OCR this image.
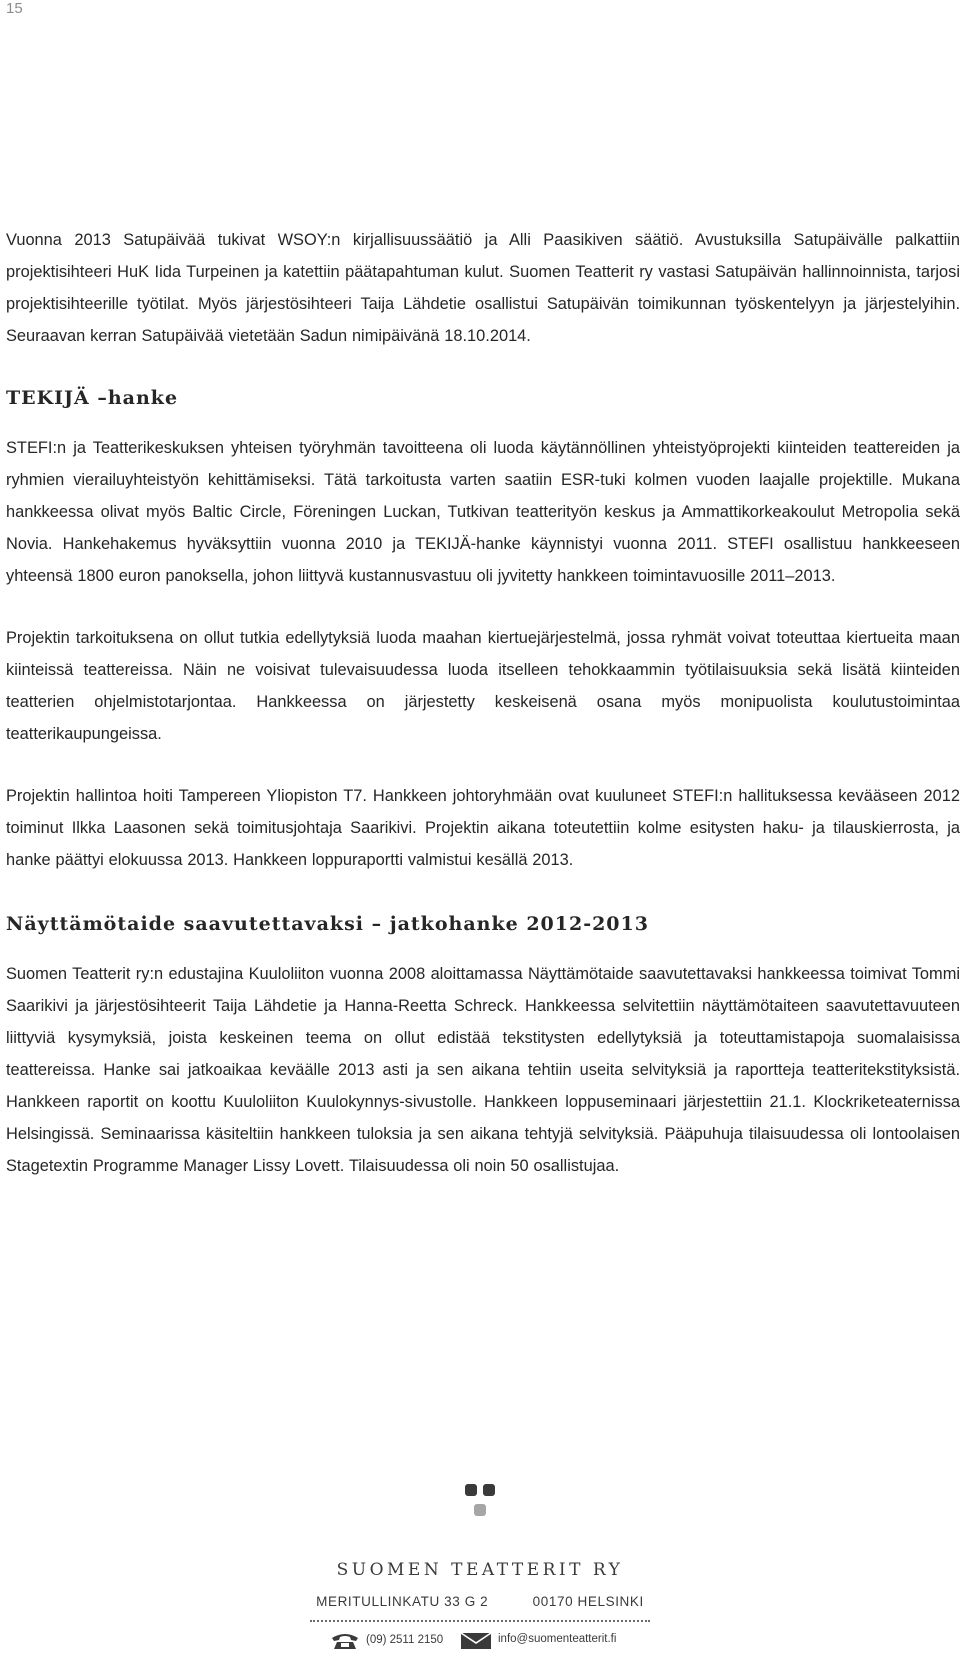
15

Vuonna 2013 Satupäivää tukivat WSOY:n kirjallisuussäätiö ja Alli Paasikiven säätiö. Avustuksilla Satupäivälle palkattiin projektisihteeri HuK Iida Turpeinen ja katettiin päätapahtuman kulut. Suomen Teatterit ry vastasi Satupäivän hallinnoinnista, tarjosi projektisihteerille työtilat. Myös järjestösihteeri Taija Lähdetie osallistui Satupäivän toimikunnan työskentelyyn ja järjestelyihin. Seuraavan kerran Satupäivää vietetään Sadun nimipäivänä 18.10.2014.

TEKIJÄ –hanke

STEFI:n ja Teatterikeskuksen yhteisen työryhmän tavoitteena oli luoda käytännöllinen yhteistyöprojekti kiinteiden teattereiden ja ryhmien vierailuyhteistyön kehittämiseksi. Tätä tarkoitusta varten saatiin ESR-tuki kolmen vuoden laajalle projektille. Mukana hankkeessa olivat myös Baltic Circle, Föreningen Luckan, Tutkivan teatterityön keskus ja Ammattikorkeakoulut Metropolia sekä Novia. Hankehakemus hyväksyttiin vuonna 2010 ja TEKIJÄ-hanke käynnistyi vuonna 2011. STEFI osallistuu hankkeeseen yhteensä 1800 euron panoksella, johon liittyvä kustannusvastuu oli jyvitetty hankkeen toimintavuosille 2011–2013.

Projektin tarkoituksena on ollut tutkia edellytyksiä luoda maahan kiertuejärjestelmä, jossa ryhmät voivat toteuttaa kiertueita maan kiinteissä teattereissa. Näin ne voisivat tulevaisuudessa luoda itselleen tehokkaammin työtilaisuuksia sekä lisätä kiinteiden teatterien ohjelmistotarjontaa. Hankkeessa on järjestetty keskeisenä osana myös monipuolista koulutustoimintaa teatterikaupungeissa.

Projektin hallintoa hoiti Tampereen Yliopiston T7. Hankkeen johtoryhmään ovat kuuluneet STEFI:n hallituksessa kevääseen 2012 toiminut Ilkka Laasonen sekä toimitusjohtaja Saarikivi. Projektin aikana toteutettiin kolme esitysten haku- ja tilauskierrosta, ja hanke päättyi elokuussa 2013. Hankkeen loppuraportti valmistui kesällä 2013.

Näyttämötaide saavutettavaksi – jatkohanke 2012-2013

Suomen Teatterit ry:n edustajina Kuuloliiton vuonna 2008 aloittamassa Näyttämötaide saavutettavaksi hankkeessa toimivat Tommi Saarikivi ja järjestösihteerit Taija Lähdetie ja Hanna-Reetta Schreck. Hankkeessa selvitettiin näyttämötaiteen saavutettavuuteen liittyviä kysymyksiä, joista keskeinen teema on ollut edistää tekstitysten edellytyksiä ja toteuttamistapoja suomalaisissa teattereissa. Hanke sai jatkoaikaa keväälle 2013 asti ja sen aikana tehtiin useita selvityksiä ja raportteja teatteritekstityksistä. Hankkeen raportit on koottu Kuuloliiton Kuulokynnys-sivustolle. Hankkeen loppuseminaari järjestettiin 21.1. Klockriketeaternissa Helsingissä. Seminaarissa käsiteltiin hankkeen tuloksia ja sen aikana tehtyjä selvityksiä. Pääpuhuja tilaisuudessa oli lontoolaisen Stagetextin Programme Manager Lissy Lovett. Tilaisuudessa oli noin 50 osallistujaa.

SUOMEN TEATTERIT RY
MERITULLINKATU 33 G 2	00170 HELSINKI
(09) 2511 2150	info@suomenteatterit.fi
